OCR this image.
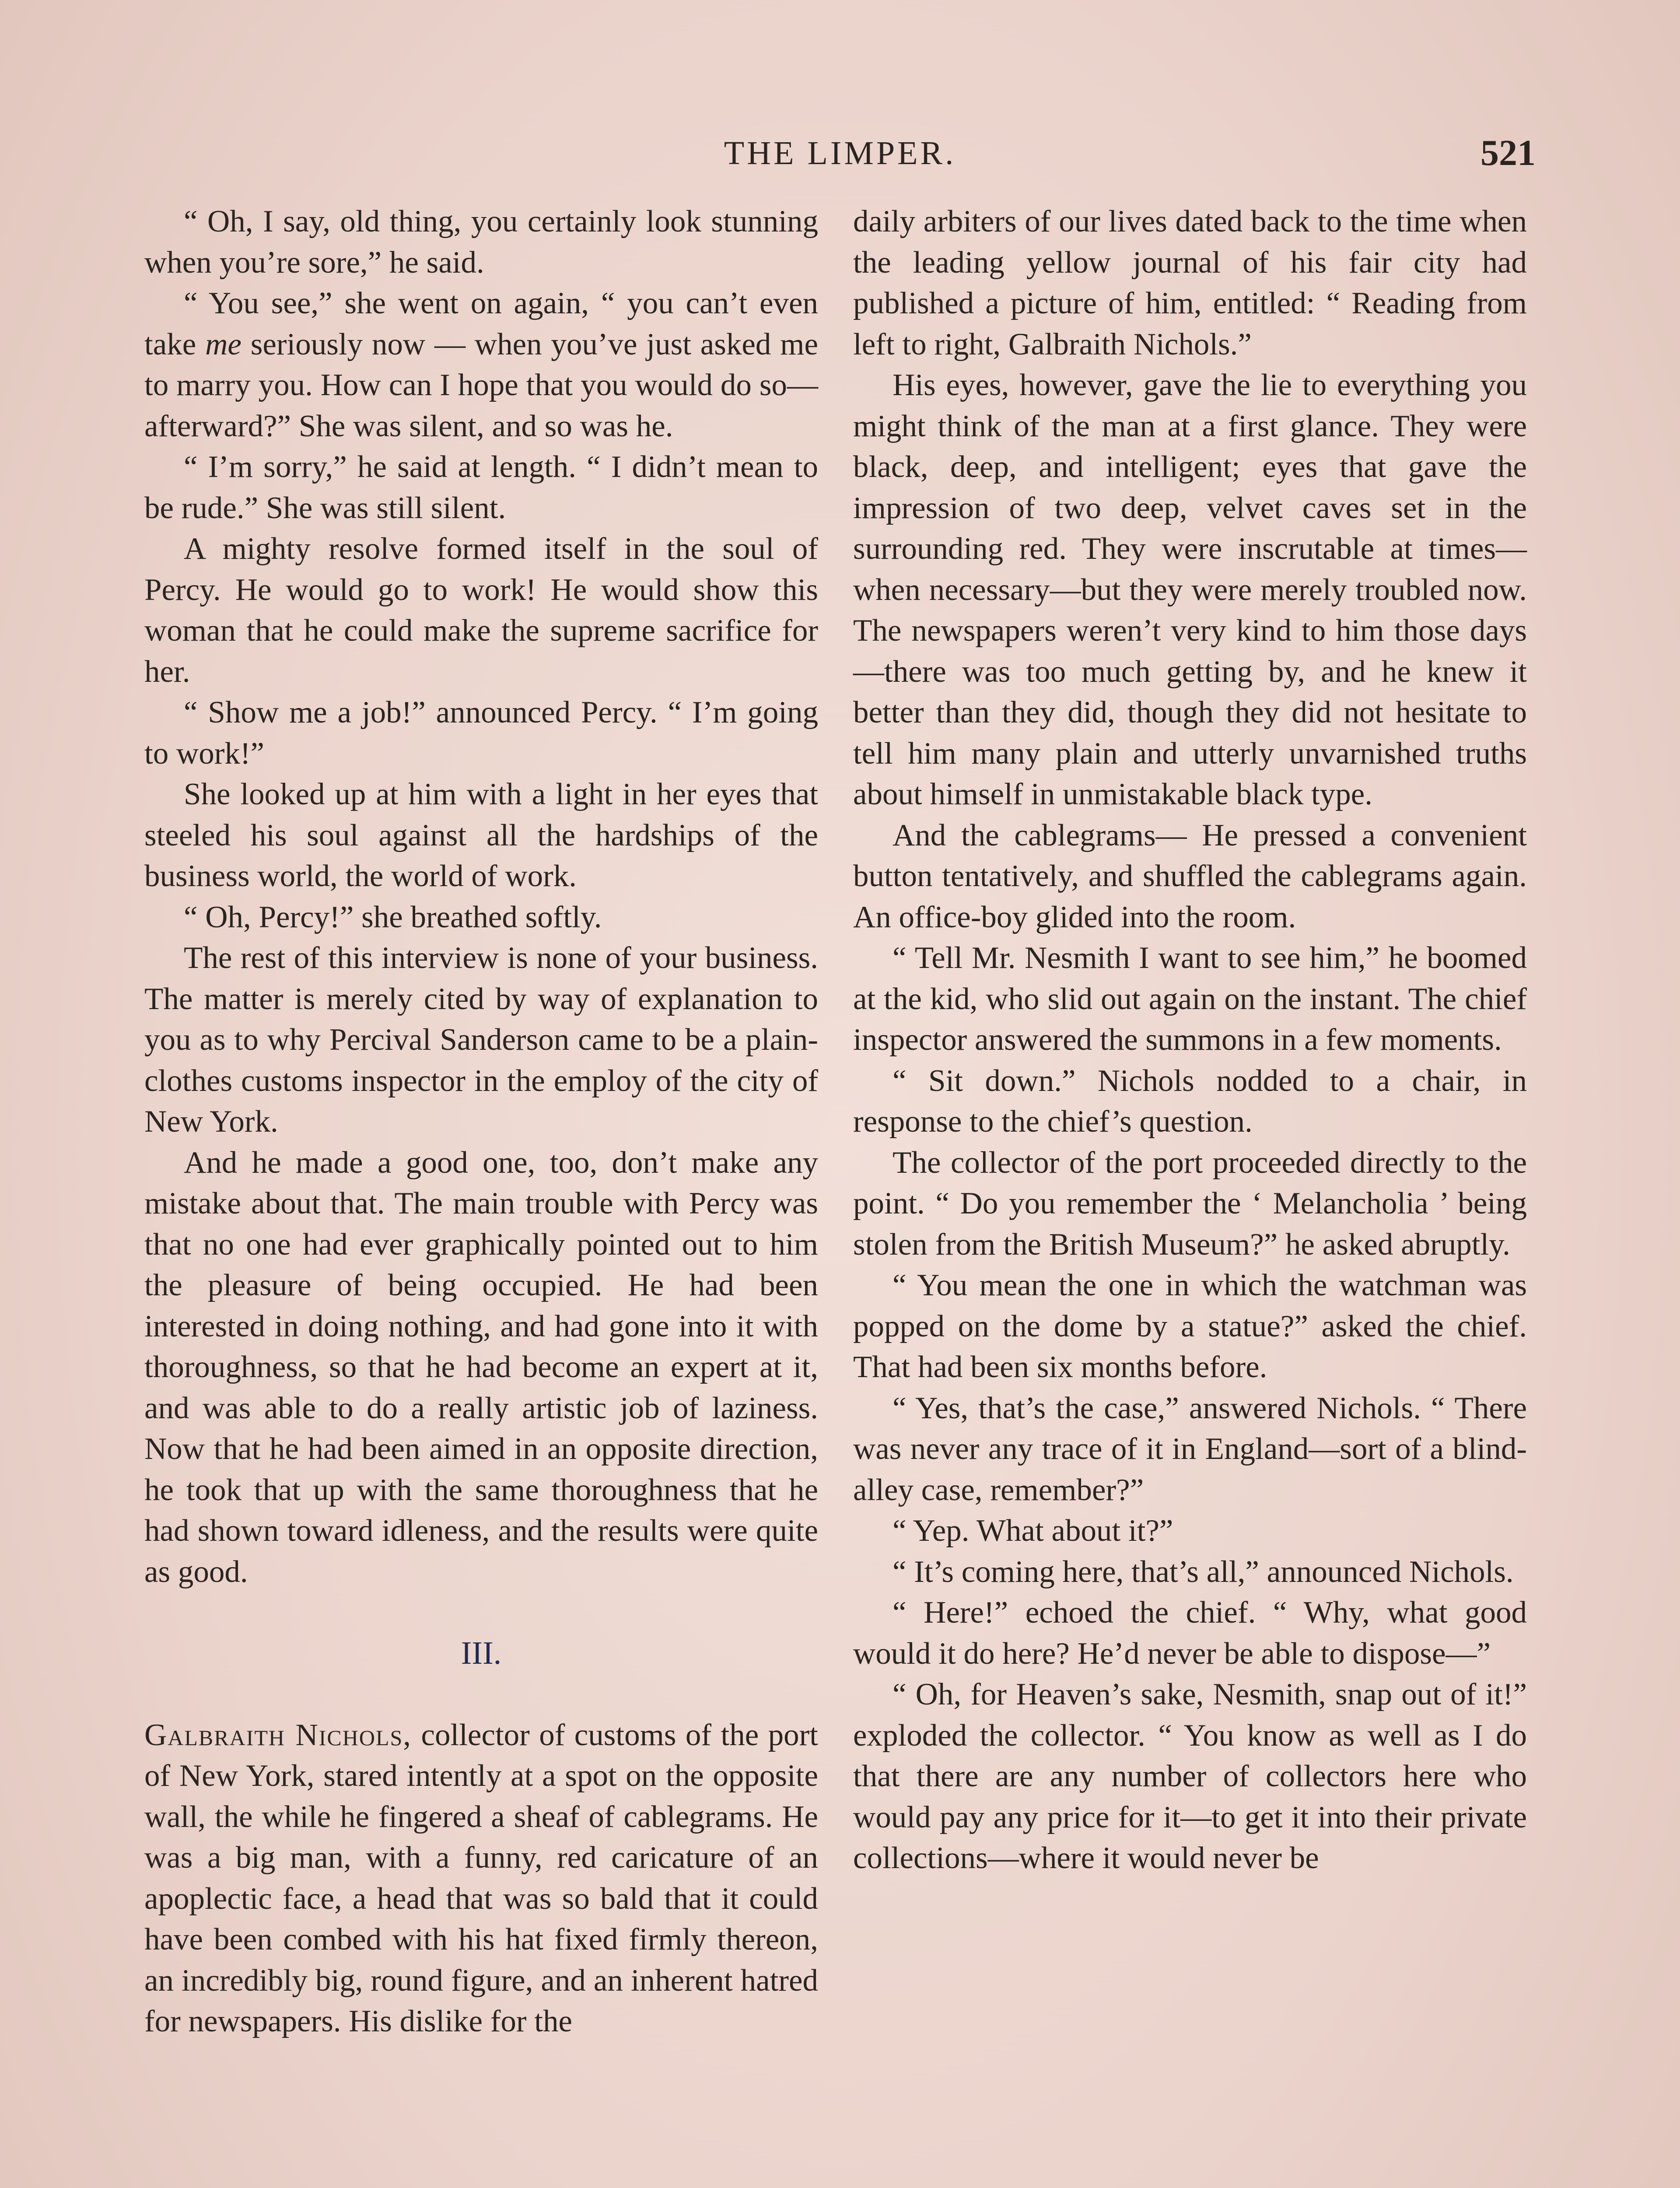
THE LIMPER.	521

“ Oh, I say, old thing, you certainly look stunning when you’re sore,” he said.

“ You see,” she went on again, “ you can’t even take me seriously now — when you’ve just asked me to marry you. How can I hope that you would do so—afterward?” She was silent, and so was he.

“ I’m sorry,” he said at length. “ I didn’t mean to be rude.” She was still silent.

A mighty resolve formed itself in the soul of Percy. He would go to work! He would show this woman that he could make the supreme sacrifice for her.

“ Show me a job!” announced Percy. “ I’m going to work!”

She looked up at him with a light in her eyes that steeled his soul against all the hardships of the business world, the world of work.

“ Oh, Percy!” she breathed softly.

The rest of this interview is none of your business. The matter is merely cited by way of explanation to you as to why Percival Sanderson came to be a plain-clothes customs inspector in the employ of the city of New York.

And he made a good one, too, don’t make any mistake about that. The main trouble with Percy was that no one had ever graphically pointed out to him the pleasure of being occupied. He had been interested in doing nothing, and had gone into it with thoroughness, so that he had become an expert at it, and was able to do a really artistic job of laziness. Now that he had been aimed in an opposite direction, he took that up with the same thoroughness that he had shown toward idleness, and the results were quite as good.

III.

Galbraith Nichols, collector of customs of the port of New York, stared intently at a spot on the opposite wall, the while he fingered a sheaf of cablegrams. He was a big man, with a funny, red caricature of an apoplectic face, a head that was so bald that it could have been combed with his hat fixed firmly thereon, an incredibly big, round figure, and an inherent hatred for newspapers. His dislike for the

daily arbiters of our lives dated back to the time when the leading yellow journal of his fair city had published a picture of him, entitled: “ Reading from left to right, Galbraith Nichols.”

His eyes, however, gave the lie to everything you might think of the man at a first glance. They were black, deep, and intelligent; eyes that gave the impression of two deep, velvet caves set in the surrounding red. They were inscrutable at times— when necessary—but they were merely troubled now. The newspapers weren’t very kind to him those days—there was too much getting by, and he knew it better than they did, though they did not hesitate to tell him many plain and utterly unvarnished truths about himself in unmistakable black type.

And the cablegrams— He pressed a convenient button tentatively, and shuffled the cablegrams again. An office-boy glided into the room.

“ Tell Mr. Nesmith I want to see him,” he boomed at the kid, who slid out again on the instant. The chief inspector answered the summons in a few moments.

“ Sit down.” Nichols nodded to a chair, in response to the chief’s question.

The collector of the port proceeded directly to the point. “ Do you remember the ‘ Melancholia ’ being stolen from the British Museum?” he asked abruptly.

“ You mean the one in which the watchman was popped on the dome by a statue?” asked the chief. That had been six months before.

“ Yes, that’s the case,” answered Nichols. “ There was never any trace of it in England—sort of a blind-alley case, remember?”

“ Yep. What about it?”

“ It’s coming here, that’s all,” announced Nichols.

“ Here!” echoed the chief. “ Why, what good would it do here? He’d never be able to dispose—”

“ Oh, for Heaven’s sake, Nesmith, snap out of it!” exploded the collector. “ You know as well as I do that there are any number of collectors here who would pay any price for it—to get it into their private collections—where it would never be
